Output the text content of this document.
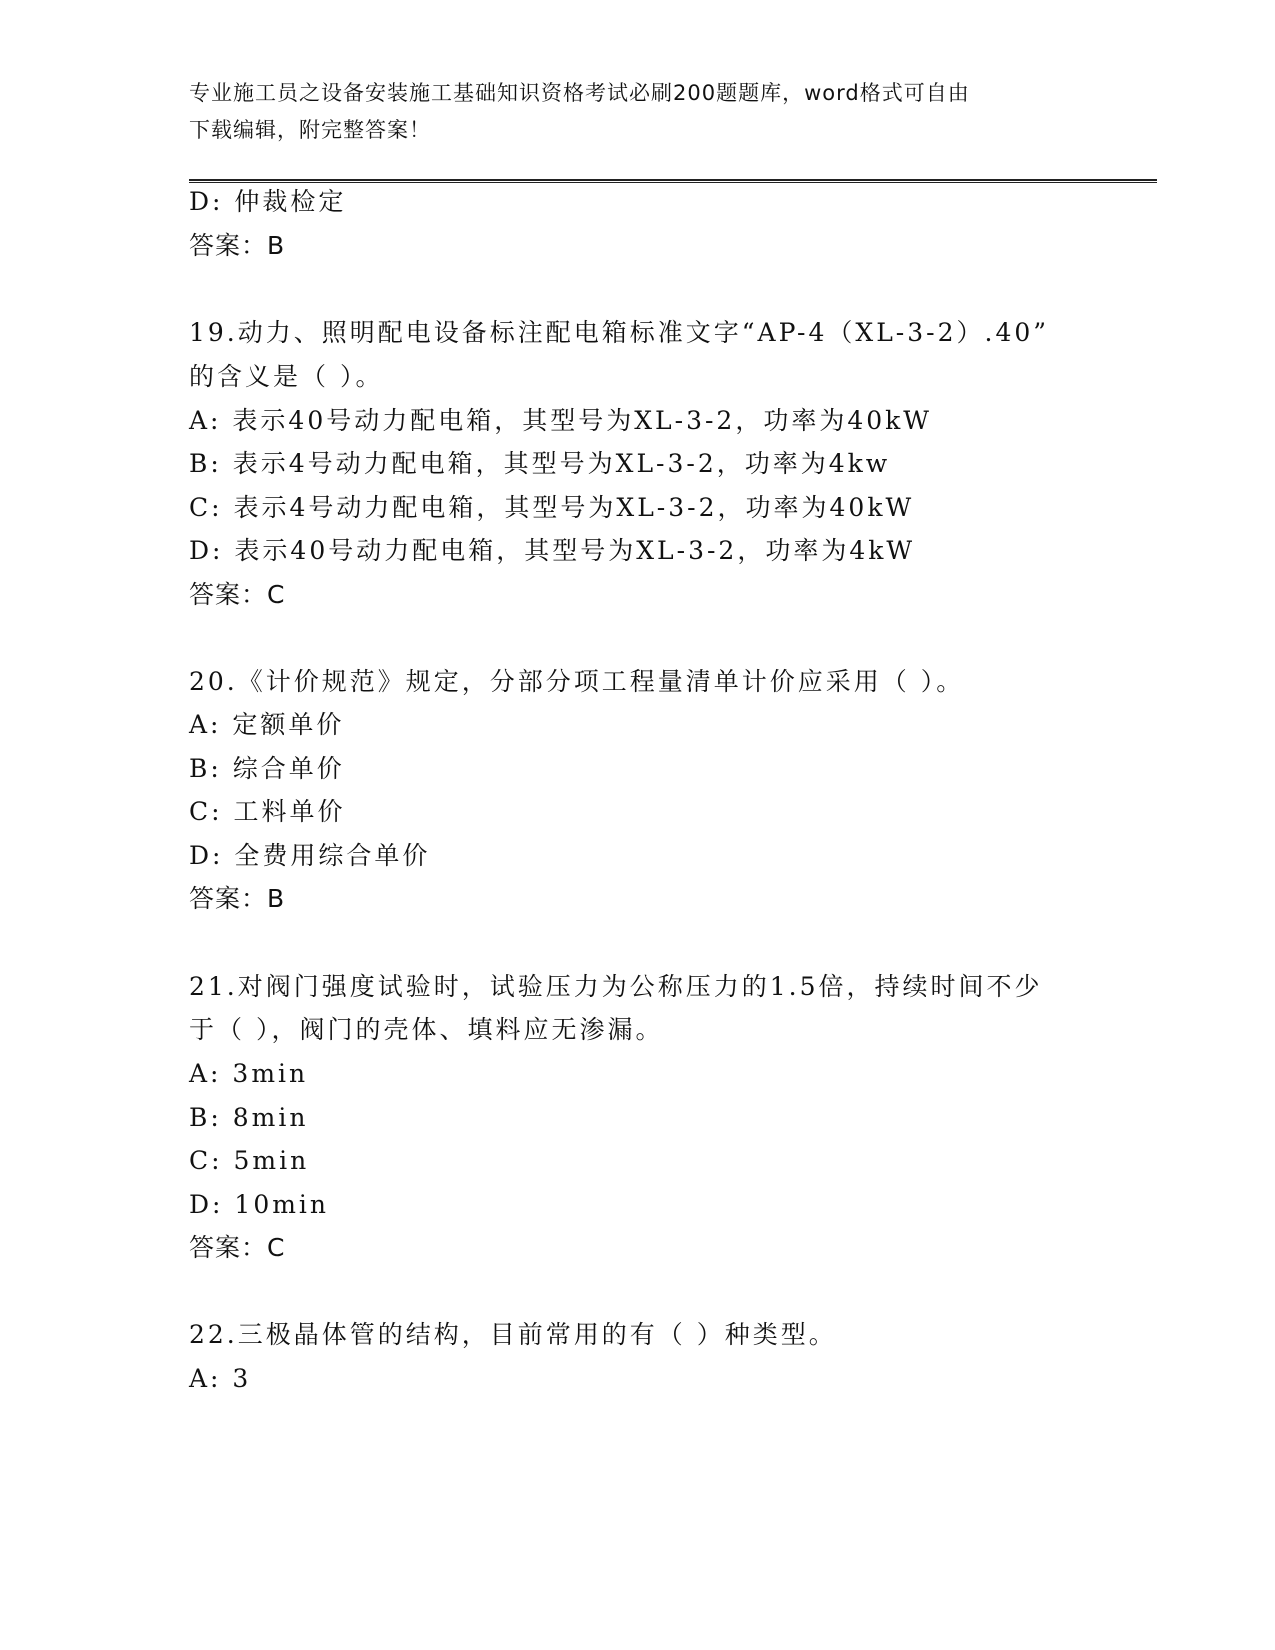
专业施工员之设备安装施工基础知识资格考试必刷200题题库，word格式可自由
下载编辑，附完整答案！
D: 仲裁检定
答案：B
19.动力、照明配电设备标注配电箱标准文字“AP-4（XL-3-2）.40”
的含义是（ ）。
A: 表示40号动力配电箱，其型号为XL-3-2，功率为40kW
B: 表示4号动力配电箱，其型号为XL-3-2，功率为4kw
C: 表示4号动力配电箱，其型号为XL-3-2，功率为40kW
D: 表示40号动力配电箱，其型号为XL-3-2，功率为4kW
答案：C
20.《计价规范》规定，分部分项工程量清单计价应采用（ ）。
A: 定额单价
B: 综合单价
C: 工料单价
D: 全费用综合单价
答案：B
21.对阀门强度试验时，试验压力为公称压力的1.5倍，持续时间不少
于（ ），阀门的壳体、填料应无渗漏。
A: 3min
B: 8min
C: 5min
D: 10min
答案：C
22.三极晶体管的结构，目前常用的有（ ）种类型。
A: 3
